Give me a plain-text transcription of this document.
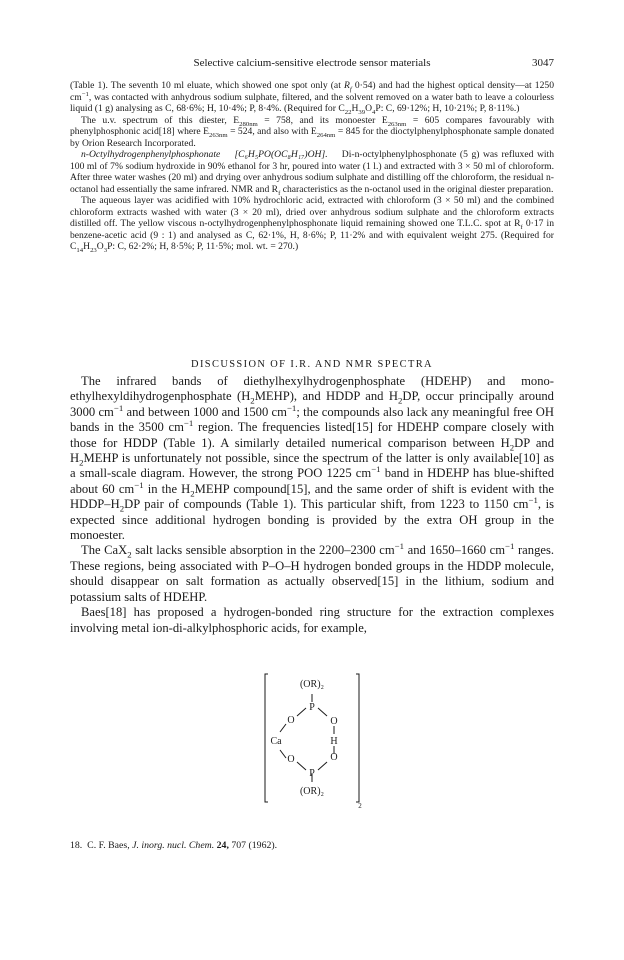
Selective calcium-sensitive electrode sensor materials	3047

(Table 1). The seventh 10 ml eluate, which showed one spot only (at $R_f$ 0·54) and had the highest optical density—at 1250 $cm^{-1}$, was contacted with anhydrous sodium sulphate, filtered, and the solvent removed on a water bath to leave a colourless liquid (1 g) analysing as C, 68·6%; H, 10·4%; P, 8·4%. (Required for $C_{22}H_{39}O_4P$: C, 69·12%; H, 10·21%; P, 8·11%.)

The u.v. spectrum of this diester, $E_{280nm} = 758$, and its monoester $E_{263nm} = 605$ compares favourably with phenylphosphonic acid[18] where $E_{263nm} = 524$, and also with $E_{264nm} = 845$ for the dioctylphenylphosphonate sample donated by Orion Research Incorporated.

n-Octylhydrogenphenylphosphonate [C₆H₅PO(OC₈H₁₇)OH]. Di-n-octylphenylphosphonate (5 g) was refluxed with 100 ml of 7% sodium hydroxide in 90% ethanol for 3 hr, poured into water (1 l.) and extracted with 3 × 50 ml of chloroform. After three water washes (20 ml) and drying over anhydrous sodium sulphate and distilling off the chloroform, the residual n-octanol had essentially the same infrared. NMR and $R_f$ characteristics as the n-octanol used in the original diester preparation.

The aqueous layer was acidified with 10% hydrochloric acid, extracted with chloroform (3 × 50 ml) and the combined chloroform extracts washed with water (3 × 20 ml), dried over anhydrous sodium sulphate and the chloroform extracts distilled off. The yellow viscous n-octylhydrogenphenylphosphonate liquid remaining showed one T.L.C. spot at $R_f$ 0·17 in benzene-acetic acid (9 : 1) and analysed as C, 62·1%, H, 8·6%; P, 11·2% and with equivalent weight 275. (Required for $C_{14}H_{23}O_3P$: C, 62·2%; H, 8·5%; P, 11·5%; mol. wt. = 270.)

DISCUSSION OF I.R. AND NMR SPECTRA

The infrared bands of diethylhexylhydrogenphosphate (HDEHP) and mono-ethylhexyldihydrogenphosphate $(H_2MEHP)$, and HDDP and $H_2DP$, occur principally around 3000 $cm^{-1}$ and between 1000 and 1500 $cm^{-1}$; the compounds also lack any meaningful free OH bands in the 3500 $cm^{-1}$ region. The frequencies listed[15] for HDEHP compare closely with those for HDDP (Table 1). A similarly detailed numerical comparison between $H_2DP$ and $H_2MEHP$ is unfortunately not possible, since the spectrum of the latter is only available[10] as a small-scale diagram. However, the strong POO 1225 $cm^{-1}$ band in HDEHP has blue-shifted about 60 $cm^{-1}$ in the $H_2MEHP$ compound[15], and the same order of shift is evident with the HDDP–$H_2DP$ pair of compounds (Table 1). This particular shift, from 1223 to 1150 $cm^{-1}$, is expected since additional hydrogen bonding is provided by the extra OH group in the monoester.

The CaX$_2$ salt lacks sensible absorption in the 2200–2300 $cm^{-1}$ and 1650–1660 $cm^{-1}$ ranges. These regions, being associated with P–O–H hydrogen bonded groups in the HDDP molecule, should disappear on salt formation as actually observed[15] in the lithium, sodium and potassium salts of HDEHP.

Baes[18] has proposed a hydrogen-bonded ring structure for the extraction complexes involving metal ion-di-alkylphosphoric acids, for example,

(OR)₂
P
O	O
Ca	H
O	O
P
(OR)₂
2
18. C. F. Baes, J. inorg. nucl. Chem. 24, 707 (1962).
